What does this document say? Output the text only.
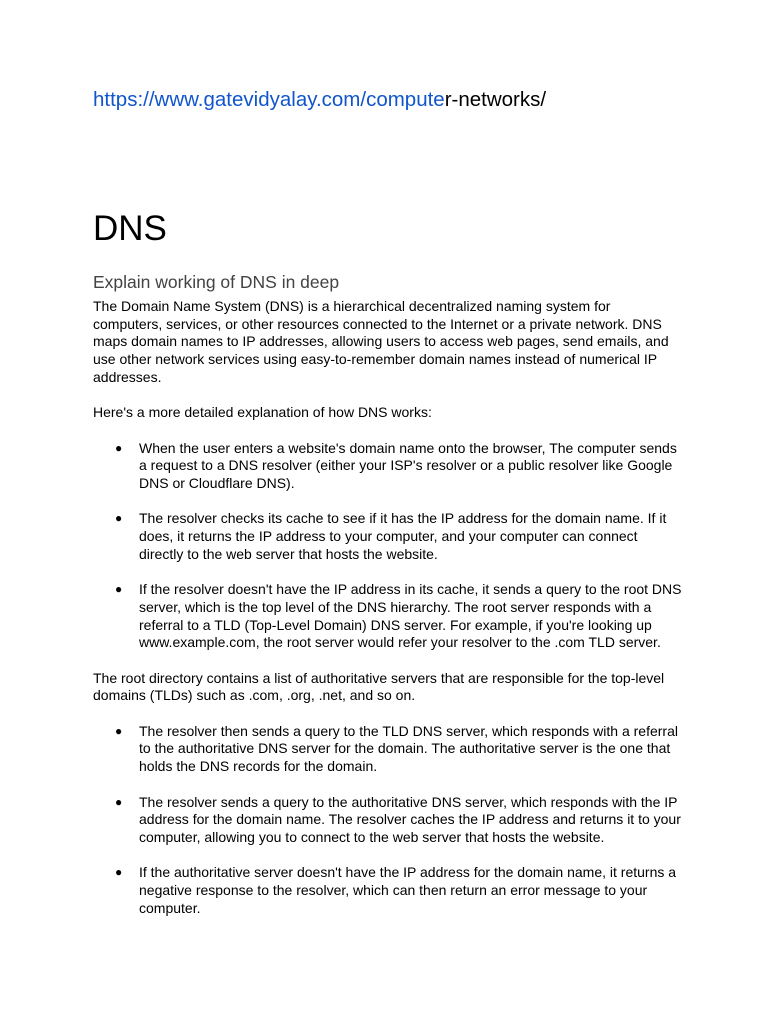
https://www.gatevidyalay.com/computer-networks/
DNS
Explain working of DNS in deep

The Domain Name System (DNS) is a hierarchical decentralized naming system for computers, services, or other resources connected to the Internet or a private network. DNS maps domain names to IP addresses, allowing users to access web pages, send emails, and use other network services using easy-to-remember domain names instead of numerical IP addresses.

Here's a more detailed explanation of how DNS works:

● When the user enters a website's domain name onto the browser, The computer sends a request to a DNS resolver (either your ISP's resolver or a public resolver like Google DNS or Cloudflare DNS).
● The resolver checks its cache to see if it has the IP address for the domain name. If it does, it returns the IP address to your computer, and your computer can connect directly to the web server that hosts the website.
● If the resolver doesn't have the IP address in its cache, it sends a query to the root DNS server, which is the top level of the DNS hierarchy. The root server responds with a referral to a TLD (Top-Level Domain) DNS server. For example, if you're looking up www.example.com, the root server would refer your resolver to the .com TLD server.

The root directory contains a list of authoritative servers that are responsible for the top-level domains (TLDs) such as .com, .org, .net, and so on.

● The resolver then sends a query to the TLD DNS server, which responds with a referral to the authoritative DNS server for the domain. The authoritative server is the one that holds the DNS records for the domain.
● The resolver sends a query to the authoritative DNS server, which responds with the IP address for the domain name. The resolver caches the IP address and returns it to your computer, allowing you to connect to the web server that hosts the website.
● If the authoritative server doesn't have the IP address for the domain name, it returns a negative response to the resolver, which can then return an error message to your computer.
